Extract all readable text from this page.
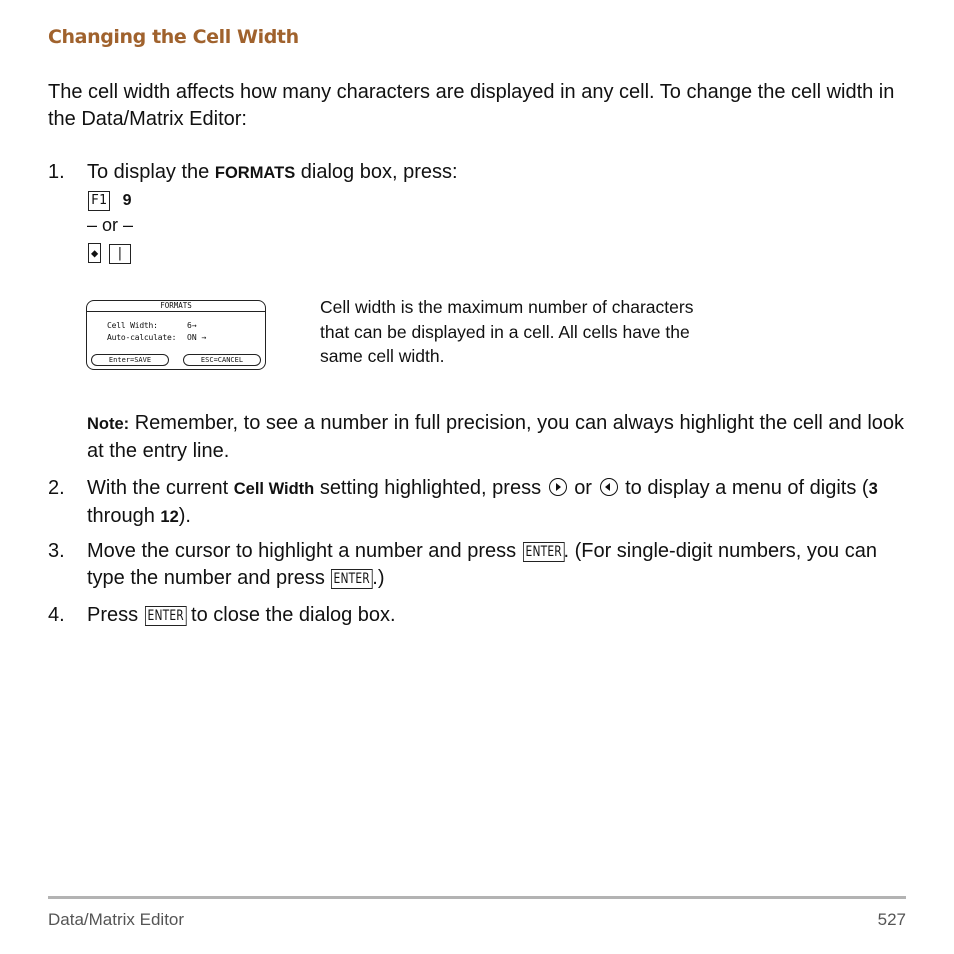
Changing the Cell Width
The cell width affects how many characters are displayed in any cell. To change the cell width in the Data/Matrix Editor:
1. To display the FORMATS dialog box, press:
F1 9
– or –
◆ |
FORMATS
Cell Width:	6→
Auto-calculate: ON →
Enter=SAVE	ESC=CANCEL
Cell width is the maximum number of characters that can be displayed in a cell. All cells have the same cell width.
Note: Remember, to see a number in full precision, you can always highlight the cell and look at the entry line.
2. With the current Cell Width setting highlighted, press or to display a menu of digits (3 through 12).
3. Move the cursor to highlight a number and press ENTER. (For single-digit numbers, you can type the number and press ENTER.)
4. Press ENTER to close the dialog box.
Data/Matrix Editor	527
